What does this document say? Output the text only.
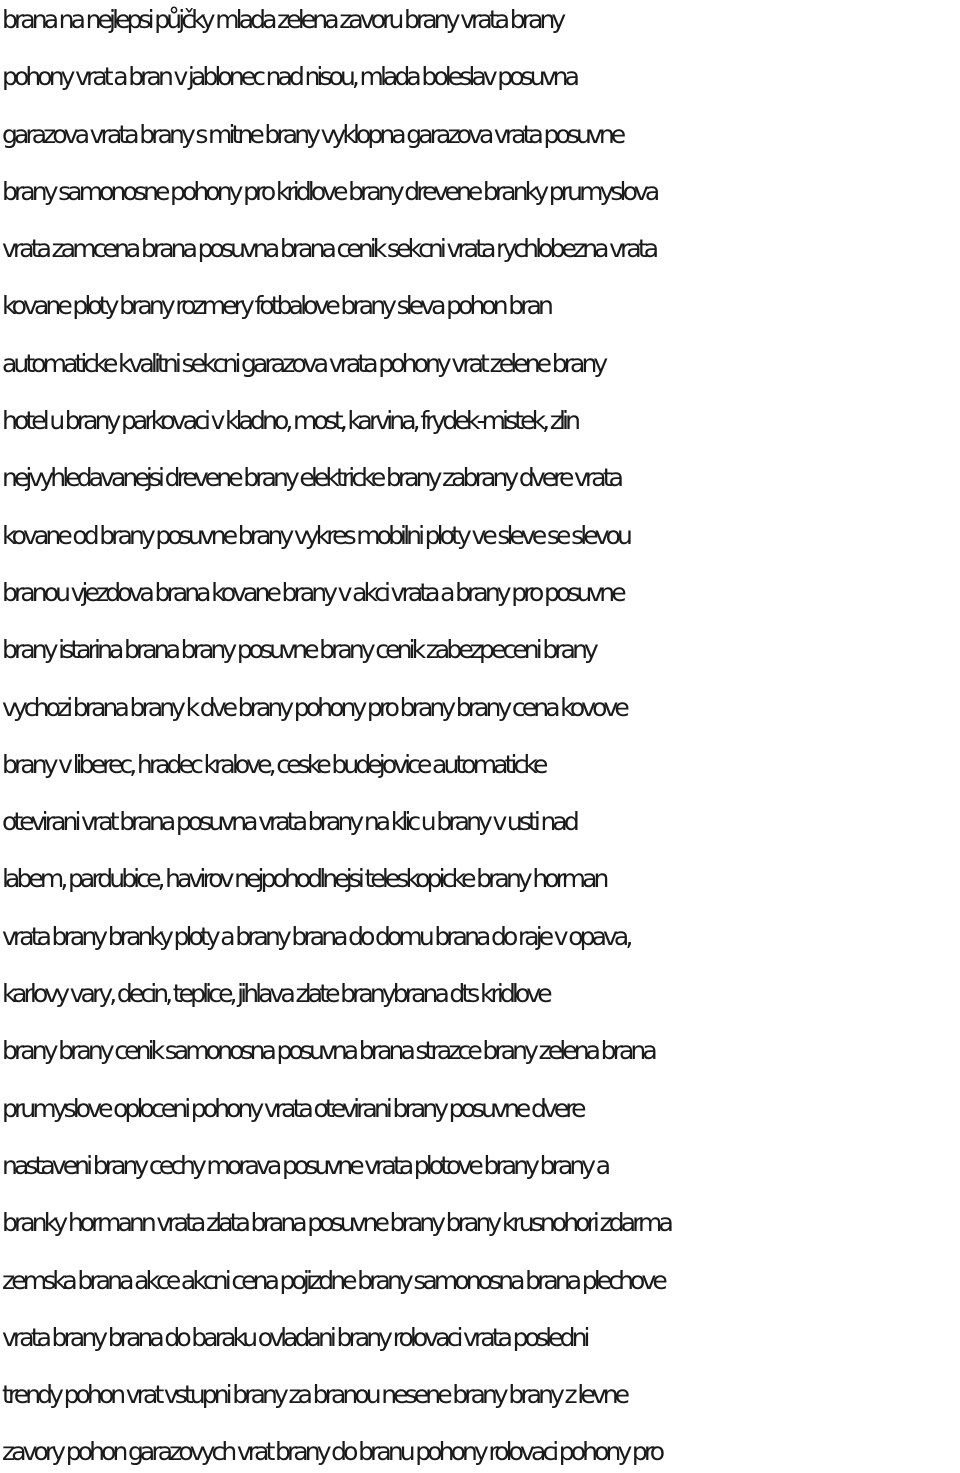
brana na nejlepsi půjčky mlada zelena zavoru brany vrata brany
pohony vrat a bran v jablonec nad nisou, mlada boleslav posuvna
garazova vrata brany s mitne brany vyklopna garazova vrata posuvne
brany samonosne pohony pro kridlove brany drevene branky prumyslova
vrata zamcena brana posuvna brana cenik sekcni vrata rychlobezna vrata
kovane ploty brany rozmery fotbalove brany sleva pohon bran
automaticke kvalitni sekcni garazova vrata pohony vrat zelene brany
hotel u brany parkovaci v kladno, most, karvina, frydek-mistek, zlin
nejvyhledavanejsi drevene brany elektricke brany zabrany dvere vrata
kovane od brany posuvne brany vykres mobilni ploty ve sleve se slevou
branou vjezdova brana kovane brany v akci vrata a brany pro posuvne
brany istarina brana brany posuvne brany cenik zabezpeceni brany
vychozi brana brany k dve brany pohony pro brany brany cena kovove
brany v liberec, hradec kralove, ceske budejovice automaticke
otevirani vrat brana posuvna vrata brany na klic u brany v usti nad
labem, pardubice, havirov nejpohodlnejsi teleskopicke brany horman
vrata brany branky ploty a brany brana do domu brana do raje v opava,
karlovy vary, decin, teplice, jihlava zlate branybrana dts kridlove
brany brany cenik samonosna posuvna brana strazce brany zelena brana
prumyslove oploceni pohony vrata otevirani brany posuvne dvere
nastaveni brany cechy morava posuvne vrata plotove brany brany a
branky hormann vrata zlata brana posuvne brany brany krusnohori zdarma
zemska brana akce akcni cena pojizdne brany samonosna brana plechove
vrata brany brana do baraku ovladani brany rolovaci vrata posledni
trendy pohon vrat vstupni brany za branou nesene brany brany z levne
zavory pohon garazovych vrat brany do branu pohony rolovaci pohony pro
